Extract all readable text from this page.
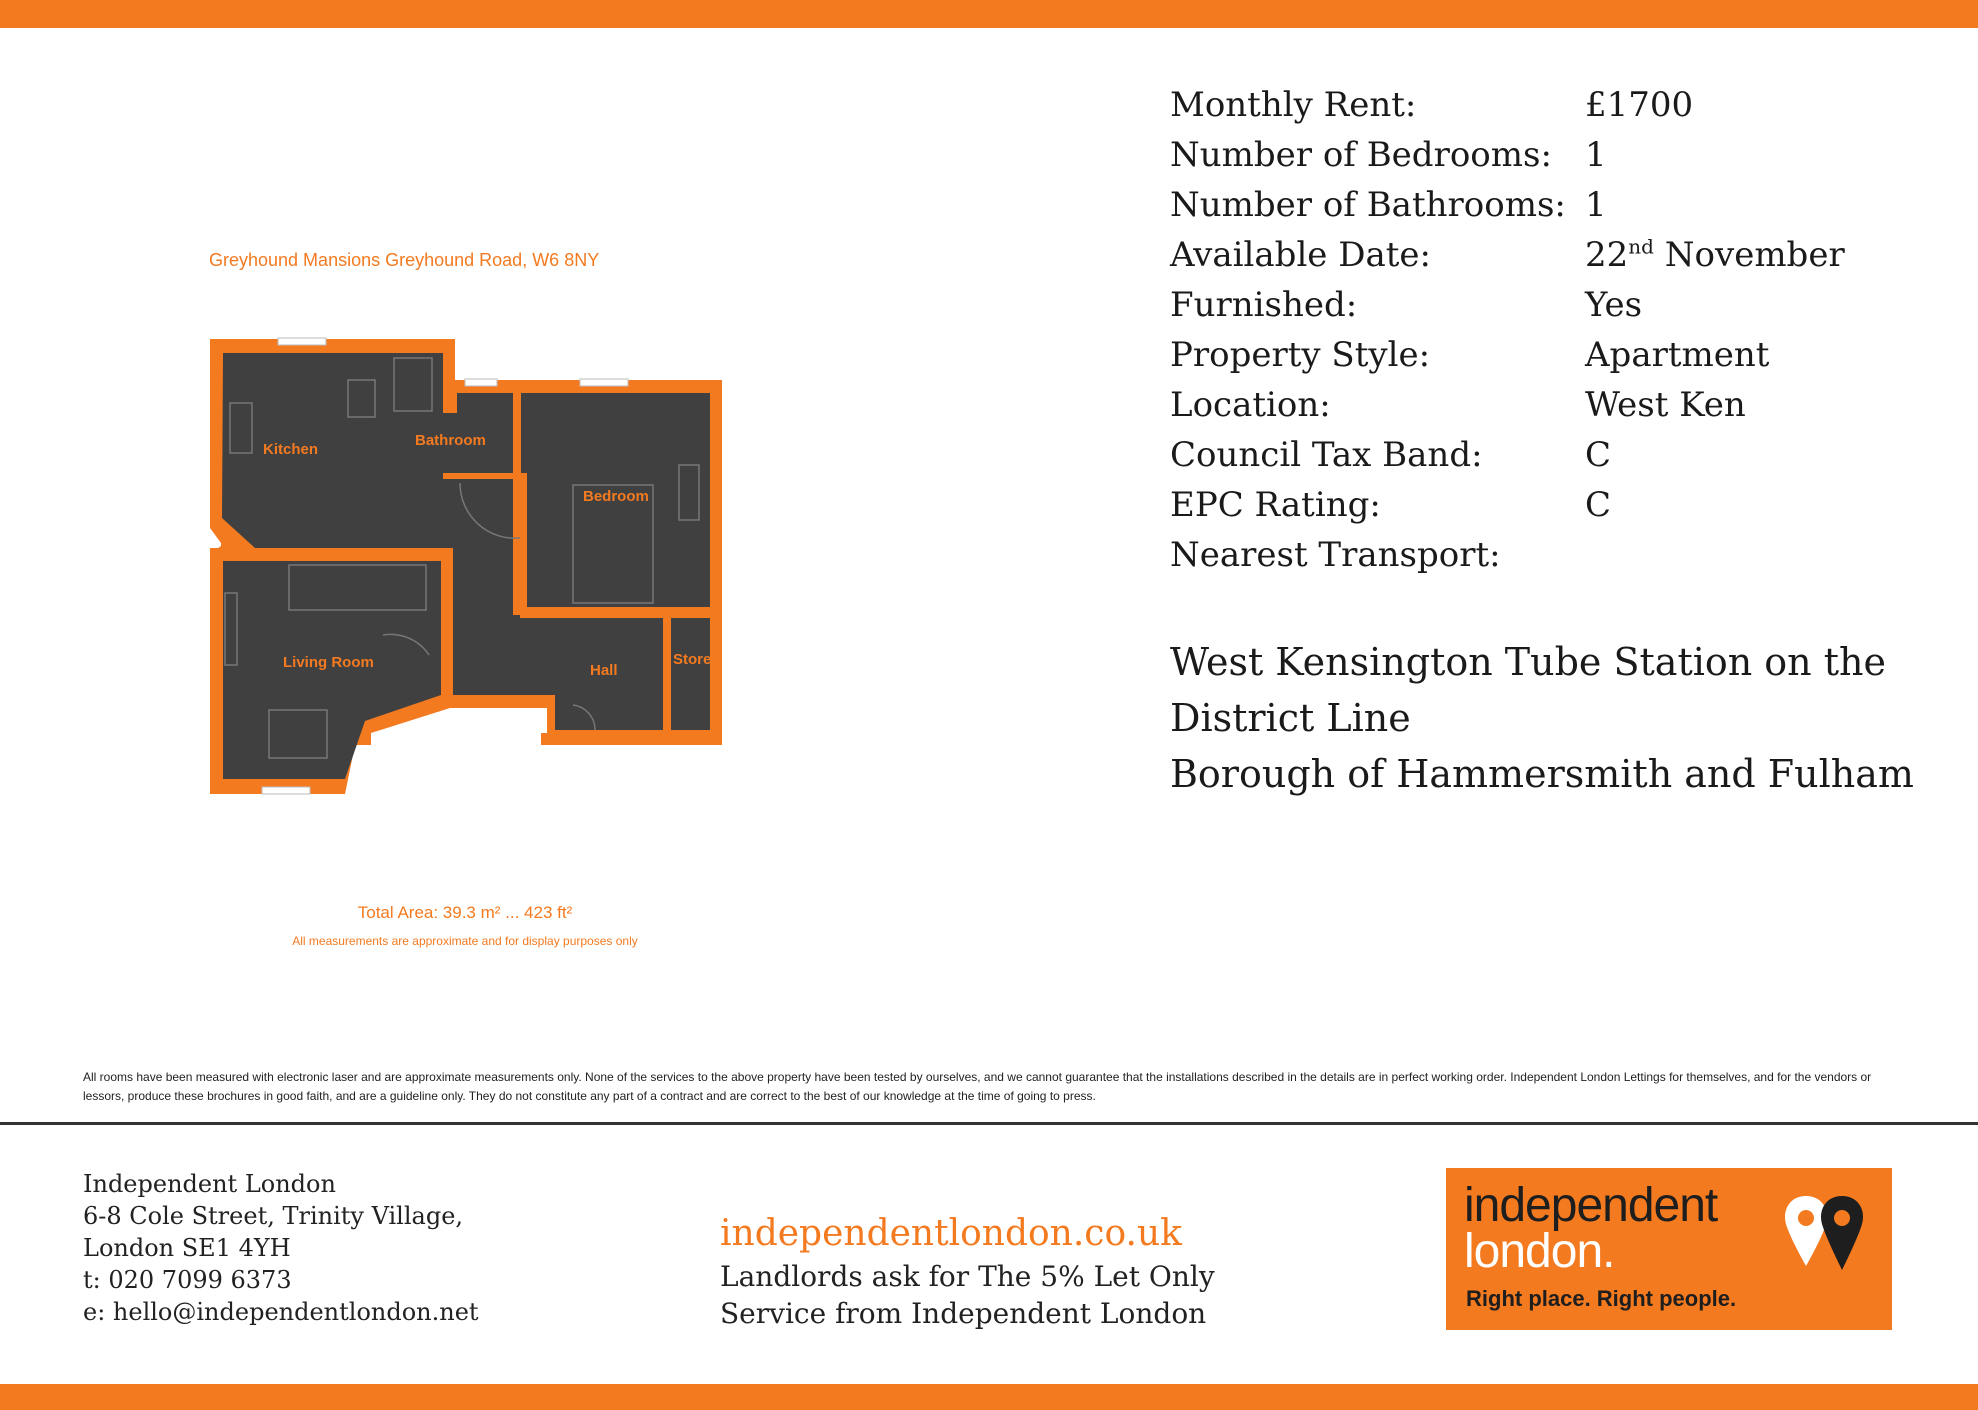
Greyhound Mansions Greyhound Road, W6 8NY
Kitchen
Bathroom
Bedroom
Living Room	Hall
Store
Total Area: 39.3 m² ... 423 ft²
All measurements are approximate and for display purposes only
Monthly Rent:	£1700
Number of Bedrooms: 1
Number of Bathrooms: 1
Available Date:	22nd November
Furnished:	Yes
Property Style:	Apartment
Location:	West Ken
Council Tax Band:	C
EPC Rating:	C
Nearest Transport:
West Kensington Tube Station on the District Line
Borough of Hammersmith and Fulham
All rooms have been measured with electronic laser and are approximate measurements only. None of the services to the above property have been tested by ourselves, and we cannot guarantee that the installations described in the details are in perfect working order. Independent London Lettings for themselves, and for the vendors or lessors, produce these brochures in good faith, and are a guideline only. They do not constitute any part of a contract and are correct to the best of our knowledge at the time of going to press.
Independent London
6-8 Cole Street, Trinity Village,
London SE1 4YH
t: 020 7099 6373
e: hello@independentlondon.net
independentlondon.co.uk
Landlords ask for The 5% Let Only Service from Independent London
independent
london.
Right place. Right people.
